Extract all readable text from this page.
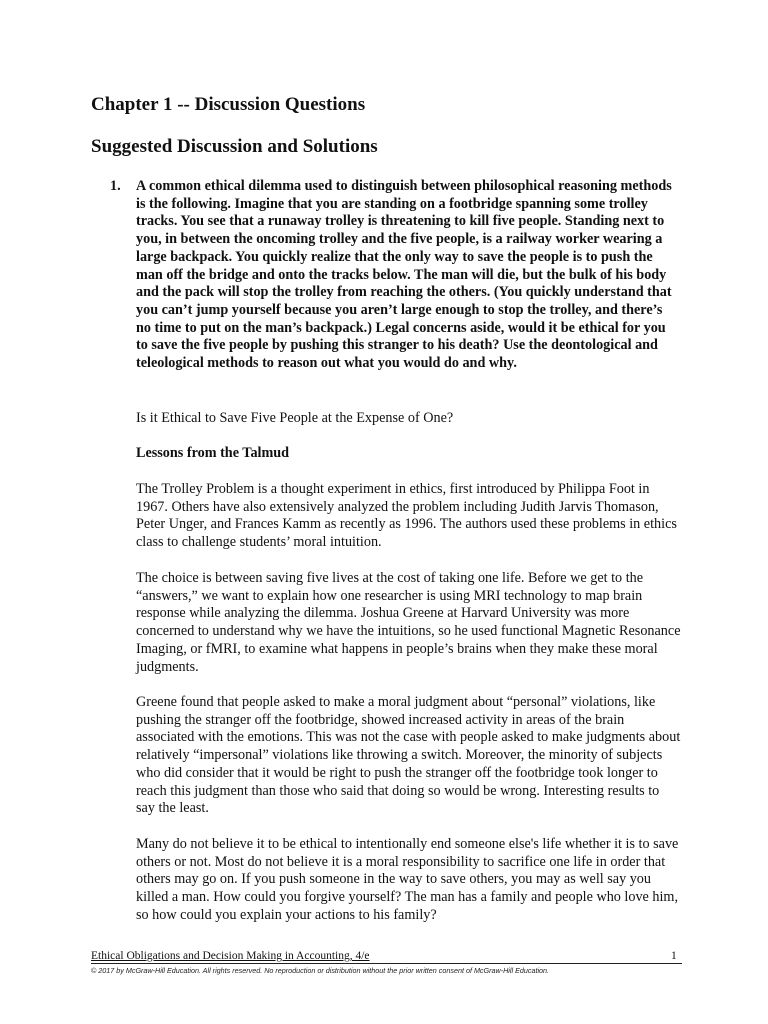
Chapter 1 -- Discussion Questions
Suggested Discussion and Solutions
1. A common ethical dilemma used to distinguish between philosophical reasoning methods is the following. Imagine that you are standing on a footbridge spanning some trolley tracks. You see that a runaway trolley is threatening to kill five people. Standing next to you, in between the oncoming trolley and the five people, is a railway worker wearing a large backpack. You quickly realize that the only way to save the people is to push the man off the bridge and onto the tracks below. The man will die, but the bulk of his body and the pack will stop the trolley from reaching the others. (You quickly understand that you can’t jump yourself because you aren’t large enough to stop the trolley, and there’s no time to put on the man’s backpack.) Legal concerns aside, would it be ethical for you to save the five people by pushing this stranger to his death? Use the deontological and teleological methods to reason out what you would do and why.

Is it Ethical to Save Five People at the Expense of One?

Lessons from the Talmud

The Trolley Problem is a thought experiment in ethics, first introduced by Philippa Foot in 1967. Others have also extensively analyzed the problem including Judith Jarvis Thomason, Peter Unger, and Frances Kamm as recently as 1996. The authors used these problems in ethics class to challenge students’ moral intuition.

The choice is between saving five lives at the cost of taking one life. Before we get to the “answers,” we want to explain how one researcher is using MRI technology to map brain response while analyzing the dilemma. Joshua Greene at Harvard University was more concerned to understand why we have the intuitions, so he used functional Magnetic Resonance Imaging, or fMRI, to examine what happens in people’s brains when they make these moral judgments.

Greene found that people asked to make a moral judgment about “personal” violations, like pushing the stranger off the footbridge, showed increased activity in areas of the brain associated with the emotions. This was not the case with people asked to make judgments about relatively “impersonal” violations like throwing a switch. Moreover, the minority of subjects who did consider that it would be right to push the stranger off the footbridge took longer to reach this judgment than those who said that doing so would be wrong. Interesting results to say the least.

Many do not believe it to be ethical to intentionally end someone else's life whether it is to save others or not. Most do not believe it is a moral responsibility to sacrifice one life in order that others may go on. If you push someone in the way to save others, you may as well say you killed a man. How could you forgive yourself? The man has a family and people who love him, so how could you explain your actions to his family?

Ethical Obligations and Decision Making in Accounting, 4/e	1
© 2017 by McGraw-Hill Education. All rights reserved. No reproduction or distribution without the prior written consent of McGraw-Hill Education.
